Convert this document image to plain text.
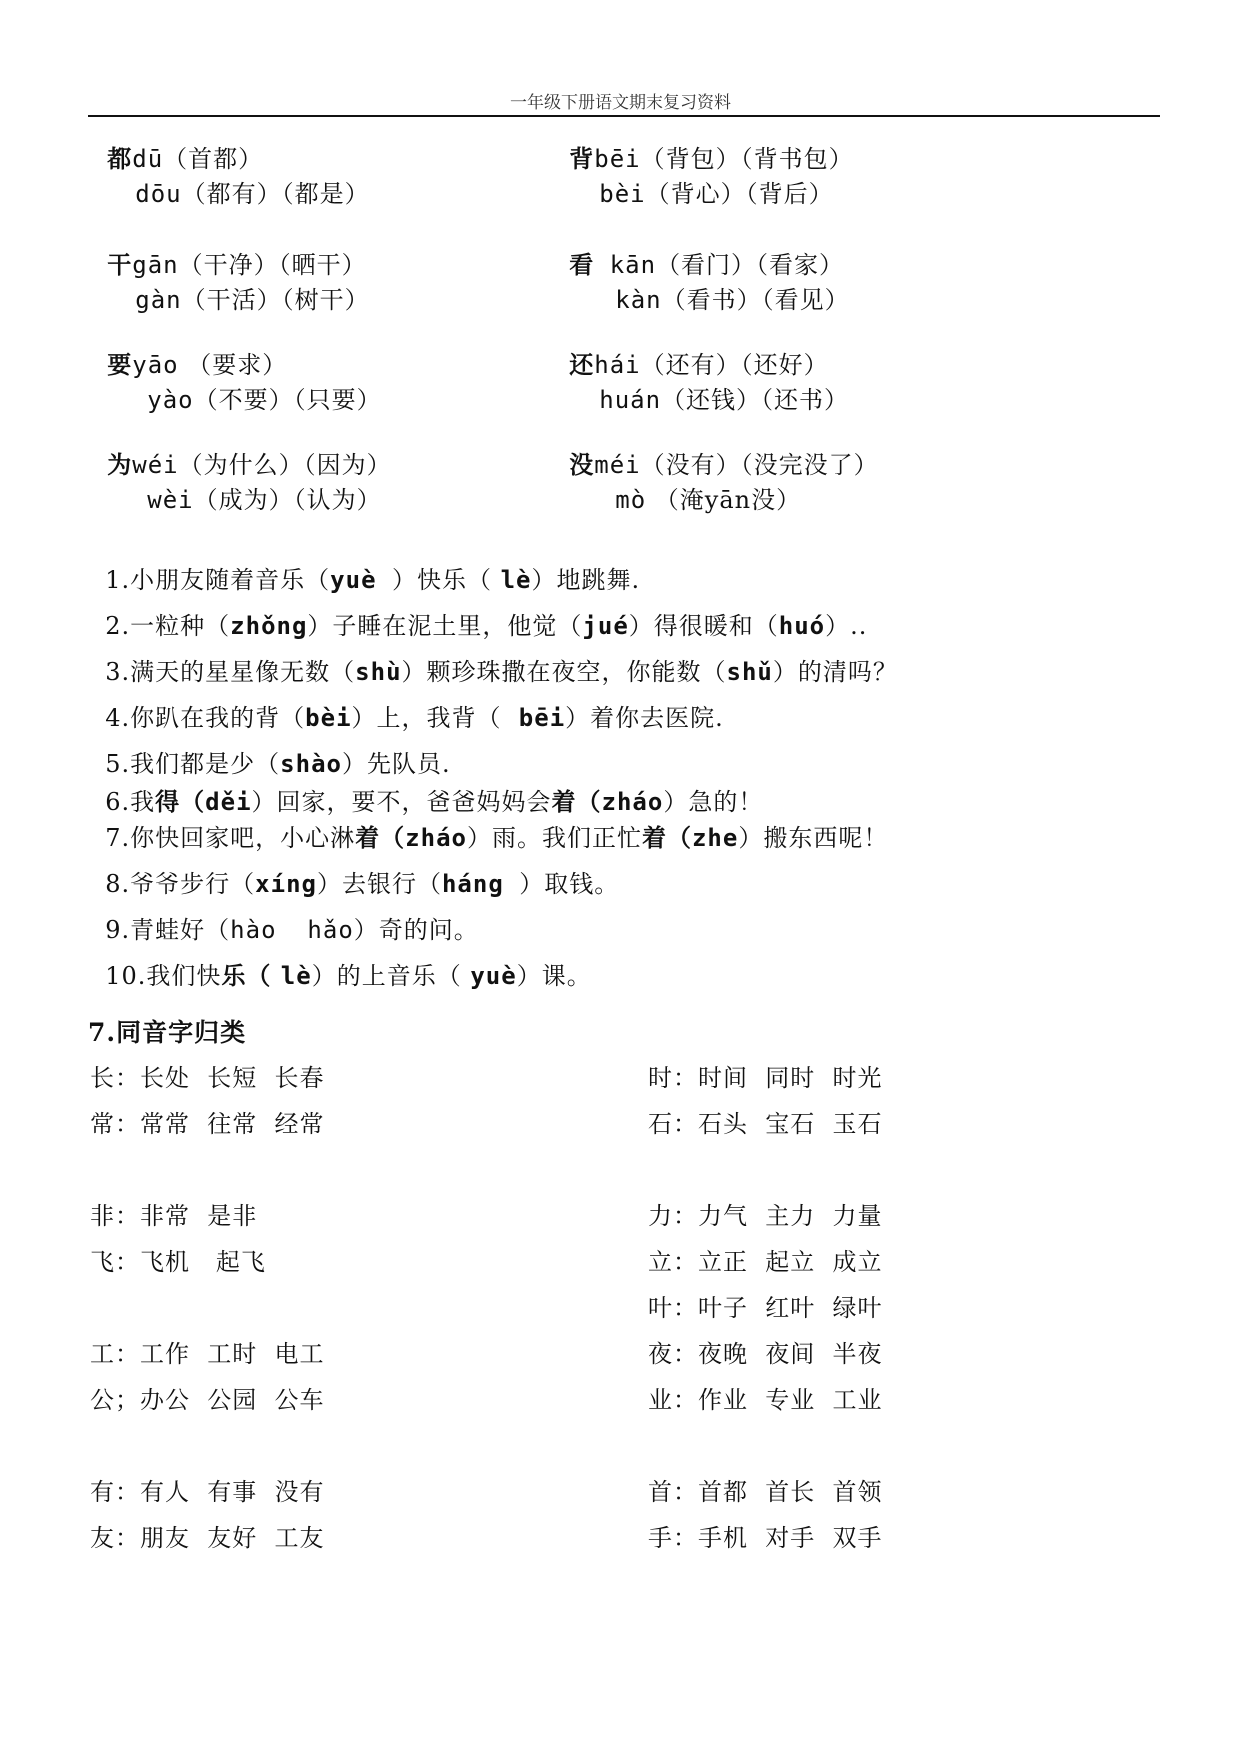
一年级下册语文期末复习资料

都dū（首都）

dōu（都有）（都是）

干gān（干净）（晒干）

gàn（干活）（树干）

要yāo （要求）

yào（不要）（只要）

为wéi（为什么）（因为）

wèi（成为）（认为）

背bēi（背包）（背书包）

bèi（背心）（背后）

看 kān（看门）（看家）

kàn（看书）（看见）

还hái（还有）（还好）

huán（还钱）（还书）

没méi（没有）（没完没了）

mò （淹yān没）

1.小朋友随着音乐（yuè ）快乐（ lè）地跳舞.

2.一粒种（zhǒng）子睡在泥土里，他觉（jué）得很暖和（huó）..

3.满天的星星像无数（shù）颗珍珠撒在夜空，你能数（shǔ）的清吗？

4.你趴在我的背（bèi）上，我背（  bēi）着你去医院.

5.我们都是少（shào）先队员.

6.我得（děi）回家，要不，爸爸妈妈会着（zháo）急的！

7.你快回家吧，小心淋着（zháo）雨。我们正忙着（zhe）搬东西呢！

8.爷爷步行（xíng）去银行（háng ）取钱。

9.青蛙好（hào  hǎo）奇的问。

10.我们快乐（ lè）的上音乐（ yuè）课。

7.同音字归类
长：长处  长短  长春
常：常常  往常  经常
非：非常  是非
飞：飞机   起飞
工：工作  工时  电工
公；办公  公园  公车
有：有人  有事  没有
友：朋友  友好  工友
时：时间  同时  时光
石：石头  宝石  玉石
力：力气  主力  力量
立：立正  起立  成立
叶：叶子  红叶  绿叶
夜：夜晚  夜间  半夜
业：作业  专业  工业
首：首都  首长  首领
手：手机  对手  双手
